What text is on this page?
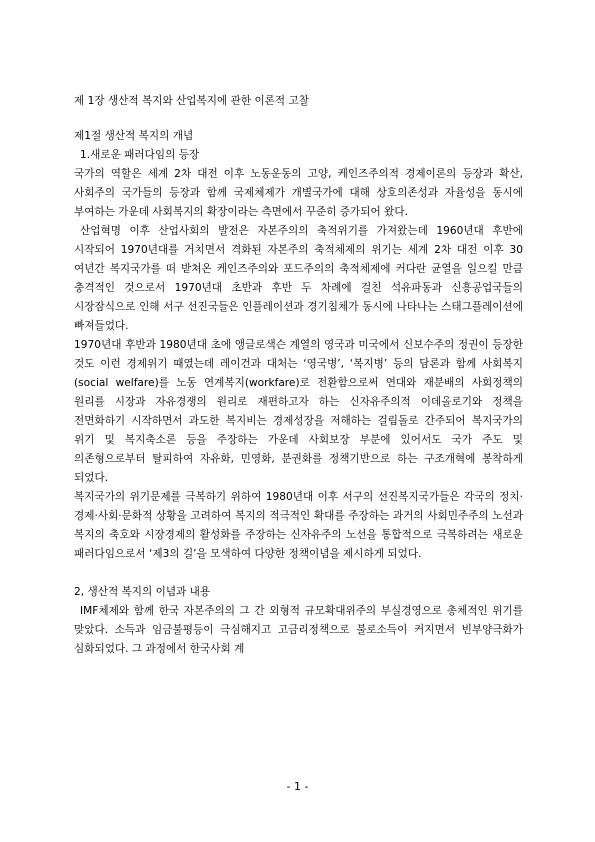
제 1장 생산적 복지와 산업복지에 관한 이론적 고찰
제1절 생산적 복지의 개념
1.새로운 패러다임의 등장

국가의 역할은 세계 2차 대전 이후 노동운동의 고양, 케인즈주의적 경제이론의 등장과 확산, 사회주의 국가들의 등장과 함께 국제체제가 개별국가에 대해 상호의존성과 자율성을 동시에 부여하는 가운데 사회복지의 확장이라는 측면에서 꾸준히 증가되어 왔다.

산업혁명 이후 산업사회의 발전은 자본주의의 축적위기를 가져왔는데 1960년대 후반에 시작되어 1970년대를 거치면서 격화된 자본주의 축적체제의 위기는 세계 2차 대전 이후 30 여년간 복지국가를 떠 받쳐온 케인즈주의와 포드주의의 축적체제에 커다란 균열을 일으킬 만큼 충격적인 것으로서 1970년대 초반과 후반 두 차례에 걸친 석유파동과 신흥공업국들의 시장잠식으로 인해 서구 선진국들은 인플레이션과 경기침체가 동시에 나타나는 스태그플레이션에 빠져들었다.

1970년대 후반과 1980년대 초에 앵글로색슨 계열의 영국과 미국에서 신보수주의 정권이 등장한 것도 이런 경제위기 때였는데 레이건과 대처는 ‘영국병’, ‘복지병’ 등의 담론과 함께 사회복지(social welfare)를 노동 연계복지(workfare)로 전환함으로써 연대와 재분배의 사회정책의 원리를 시장과 자유경쟁의 원리로 재편하고자 하는 신자유주의적 이데올로기와 정책을 전면화하기 시작하면서 과도한 복지비는 경제성장을 저해하는 걸림돌로 간주되어 복지국가의 위기 및 복지축소론 등을 주장하는 가운데 사회보장 부분에 있어서도 국가 주도 및 의존형으로부터 탈피하여 자유화, 민영화, 분권화를 정책기반으로 하는 구조개혁에 봉착하게 되었다.

복지국가의 위기문제를 극복하기 위하여 1980년대 이후 서구의 선진복지국가들은 각국의 정치·경제·사회·문화적 상황을 고려하여 복지의 적극적인 확대를 주장하는 과거의 사회민주주의 노선과 복지의 축호와 시장경제의 활성화를 주장하는 신자유주의 노선을 통합적으로 극복하려는 새로운 패러다임으로서 ‘제3의 길’을 모색하여 다양한 정책이념을 제시하게 되었다.

2, 생산적 복지의 이념과 내용

IMF체제와 함께 한국 자본주의의 그 간 외형적 규모확대위주의 부실경영으로 총체적인 위기를 맞았다. 소득과 임금불평등이 극심해지고 고금리정책으로 불로소득이 커지면서 빈부양극화가 심화되었다. 그 과정에서 한국사회 계

- 1 -
